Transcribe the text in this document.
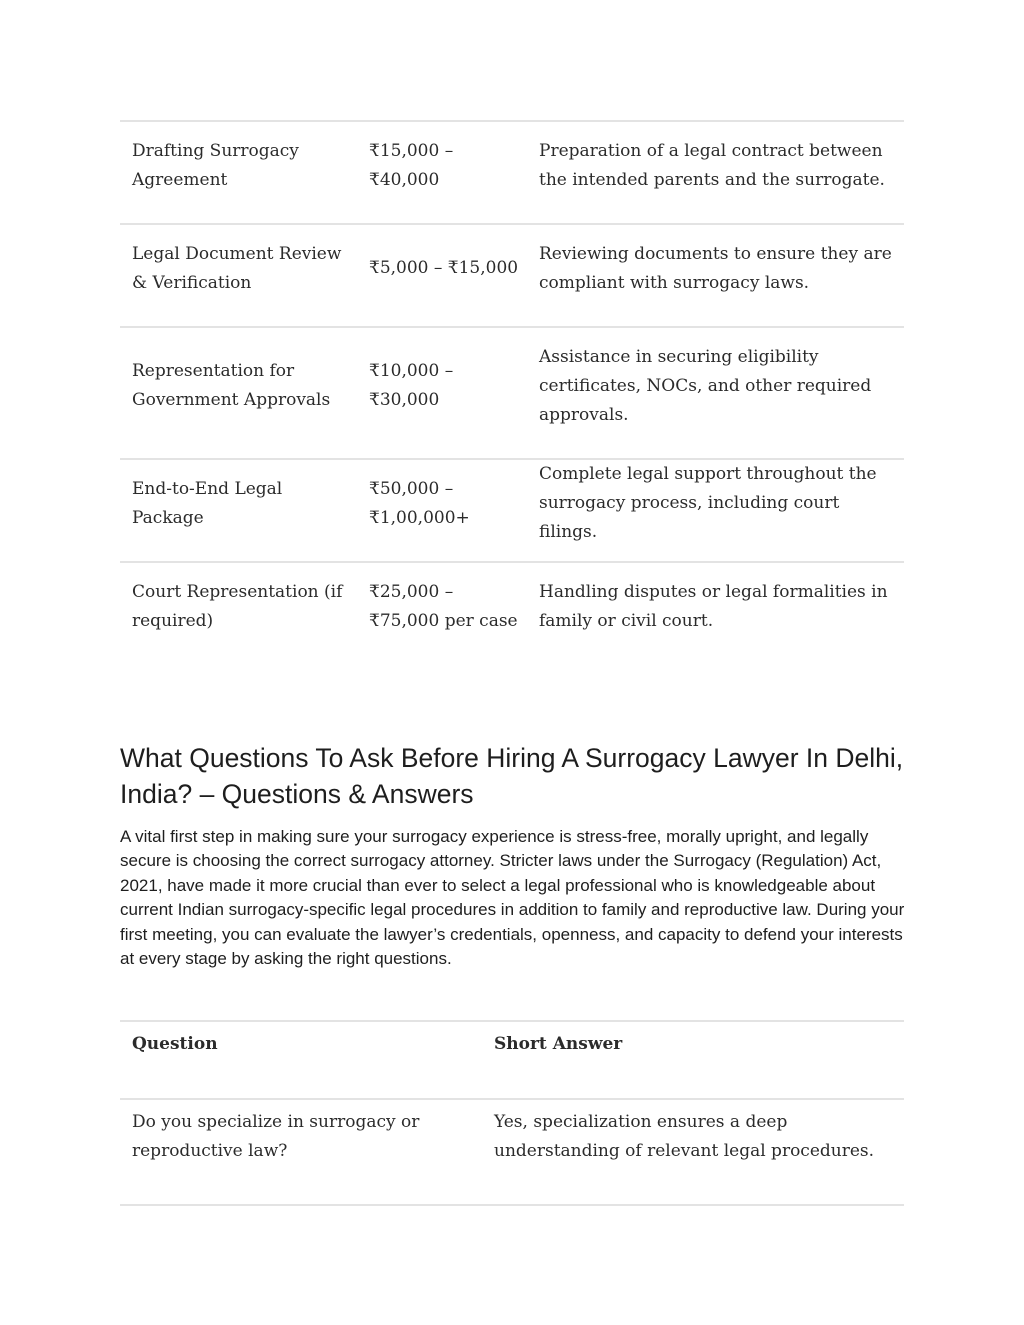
Drafting Surrogacy Agreement	₹15,000 – ₹40,000	Preparation of a legal contract between the intended parents and the surrogate.

Legal Document Review & Verification	₹5,000 – ₹15,000	Reviewing documents to ensure they are compliant with surrogacy laws.

Representation for Government Approvals	₹10,000 – ₹30,000	Assistance in securing eligibility certificates, NOCs, and other required approvals.

End-to-End Legal Package	₹50,000 – ₹1,00,000+	Complete legal support throughout the surrogacy process, including court filings.

Court Representation (if required)	₹25,000 – ₹75,000 per case	Handling disputes or legal formalities in family or civil court.
What Questions To Ask Before Hiring A Surrogacy Lawyer In Delhi, India? – Questions & Answers

A vital first step in making sure your surrogacy experience is stress-free, morally upright, and legally secure is choosing the correct surrogacy attorney. Stricter laws under the Surrogacy (Regulation) Act, 2021, have made it more crucial than ever to select a legal professional who is knowledgeable about current Indian surrogacy-specific legal procedures in addition to family and reproductive law. During your first meeting, you can evaluate the lawyer’s credentials, openness, and capacity to defend your interests at every stage by asking the right questions.

Question	Short Answer
Do you specialize in surrogacy or reproductive law?	Yes, specialization ensures a deep understanding of relevant legal procedures.
